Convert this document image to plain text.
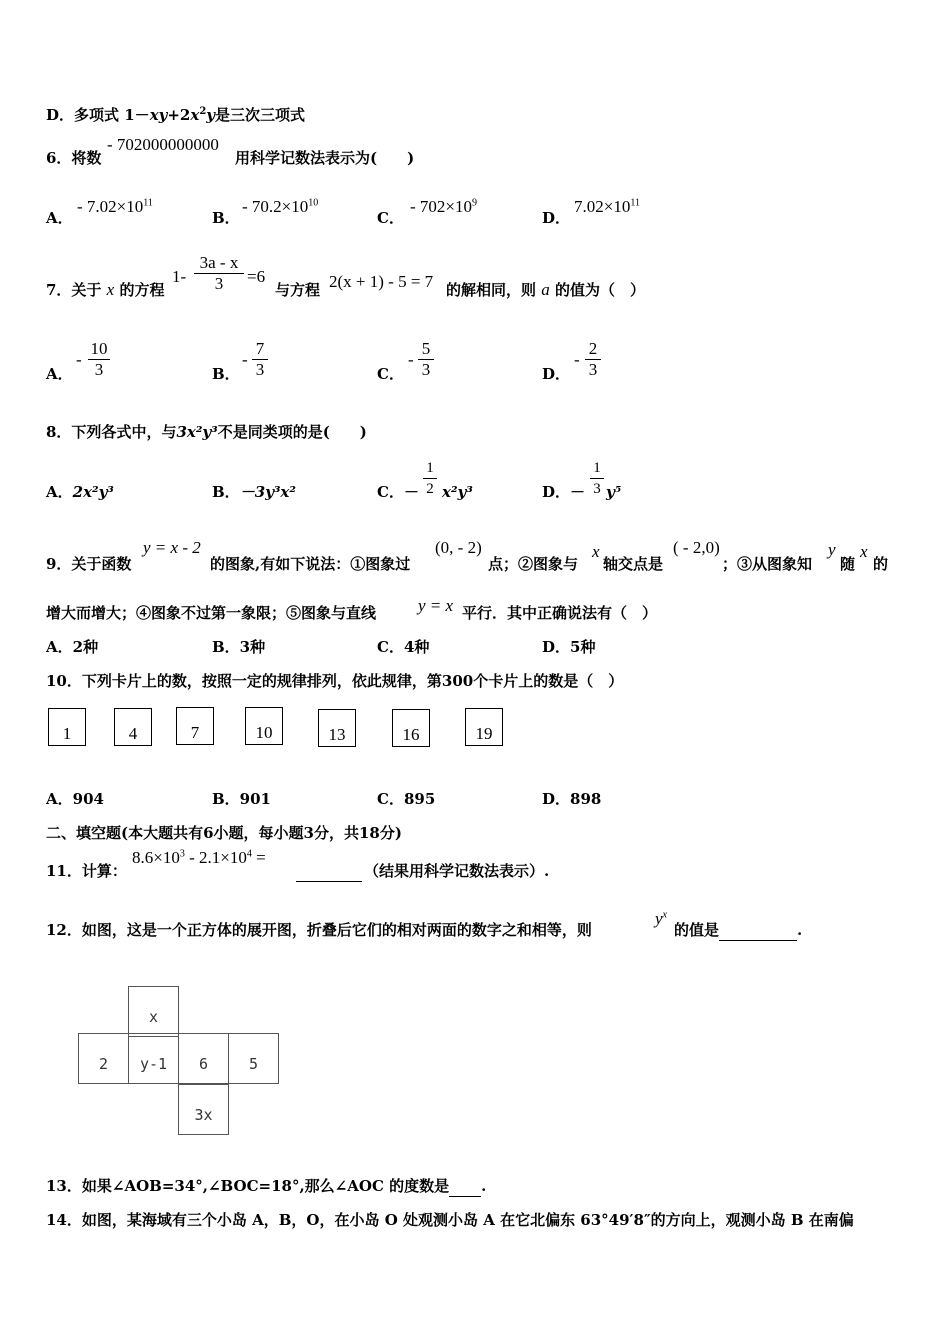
D．多项式 $1-xy+2x^2y$是三次三项式
6．将数
- 702000000000
用科学记数法表示为(　　)
A．
- $7.02\times 10^{11}$
B．
- $70.2\times 10^{10}$
C．
- $702\times 10^9$
D．
$7.02\times 10^{11}$
7．关于 x 的方程
$1- \frac{3a - x}{3} =6$
与方程 2(x + 1) - 5 = 7 的解相同，则 a 的值为（　）
A．
- $\frac{10}{3}$	B．
- $\frac{7}{3}$	C．
- $\frac{5}{3}$	D．
- $\frac{2}{3}$
8．下列各式中，与3x²y³不是同类项的是(　　)
A．2x²y³	B．－3y³x²	C．－ $\frac{1}{2} x^2y^3$	D．－ $\frac{1}{3} y^5$
9．关于函数
y = x - 2
的图象,有如下说法：①图象过
(0, - 2)
点；②图象与
x
轴交点是
( - 2,0)
；③从图象知
y
随
x
的
增大而增大；④图象不过第一象限；⑤图象与直线 y = x 平行．其中正确说法有（　）
A．2种	B．3种	C．4种	D．5种
10．下列卡片上的数，按照一定的规律排列，依此规律，第300个卡片上的数是（　）
1	4	7	10	13	16	19
A．904	B．901	C．895	D．898
二、填空题(本大题共有6小题，每小题3分，共18分)
11．计算：
$8.6\times 10^3 - 2.1\times 10^4$ =

（结果用科学记数法表示）.
12．如图，这是一个正方体的展开图，折叠后它们的相对两面的数字之和相等，则
$y^x$
的值是	.
x
2	y-1	6	5
3x
13．如果∠AOB=34°,∠BOC=18°,那么∠AOC 的度数是 .
14．如图，某海域有三个小岛 A，B，O，在小岛 O 处观测小岛 A 在它北偏东 63°49′8″的方向上，观测小岛 B 在南偏
